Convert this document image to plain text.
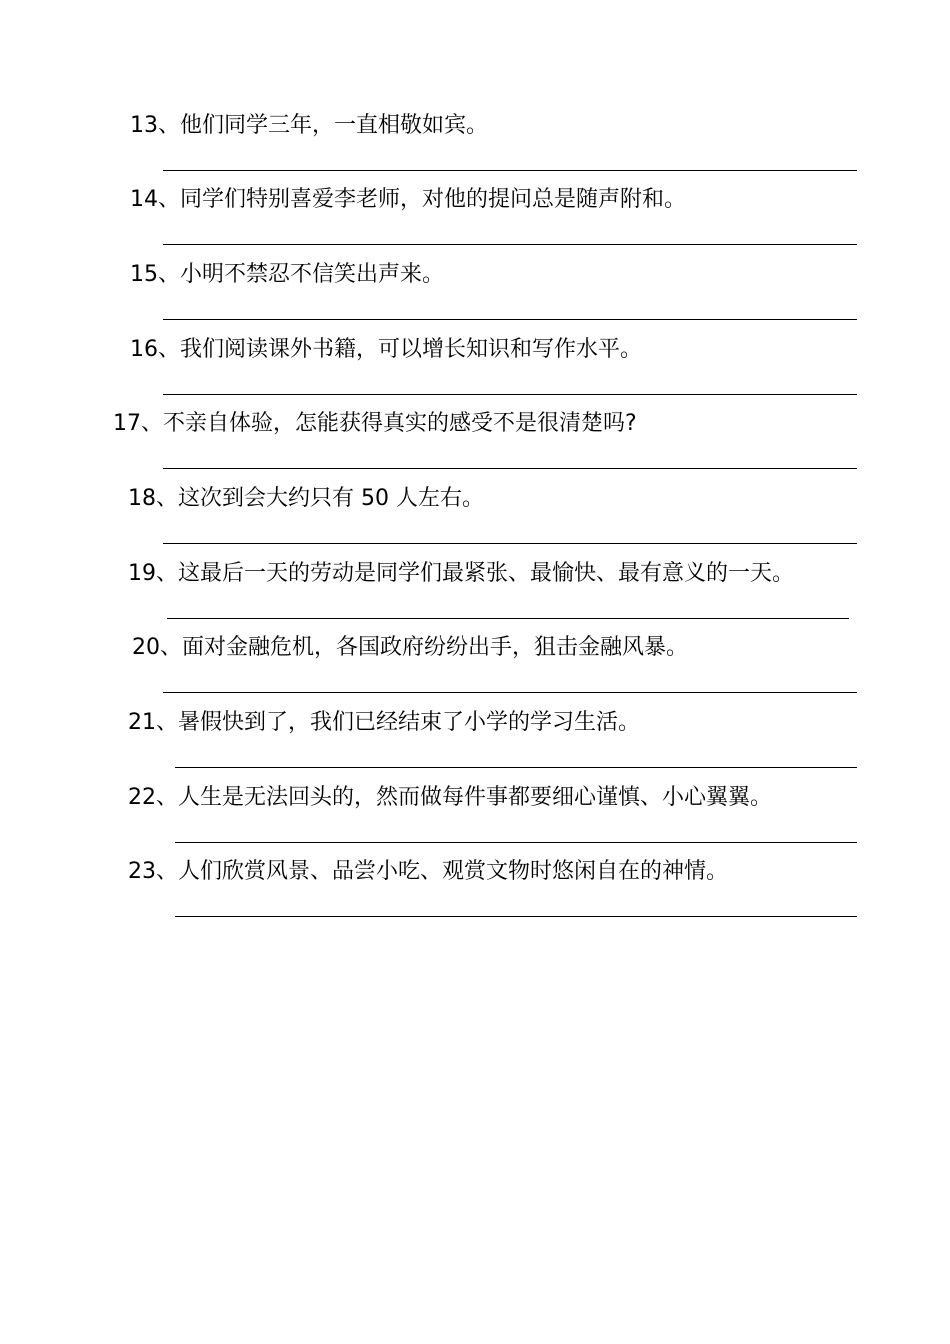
13、他们同学三年，一直相敬如宾。
14、同学们特别喜爱李老师，对他的提问总是随声附和。
15、小明不禁忍不信笑出声来。
16、我们阅读课外书籍，可以增长知识和写作水平。
17、不亲自体验，怎能获得真实的感受不是很清楚吗?
18、这次到会大约只有 50 人左右。
19、这最后一天的劳动是同学们最紧张、最愉快、最有意义的一天。
20、面对金融危机，各国政府纷纷出手，狙击金融风暴。
21、暑假快到了，我们已经结束了小学的学习生活。
22、人生是无法回头的，然而做每件事都要细心谨慎、小心翼翼。
23、人们欣赏风景、品尝小吃、观赏文物时悠闲自在的神情。
